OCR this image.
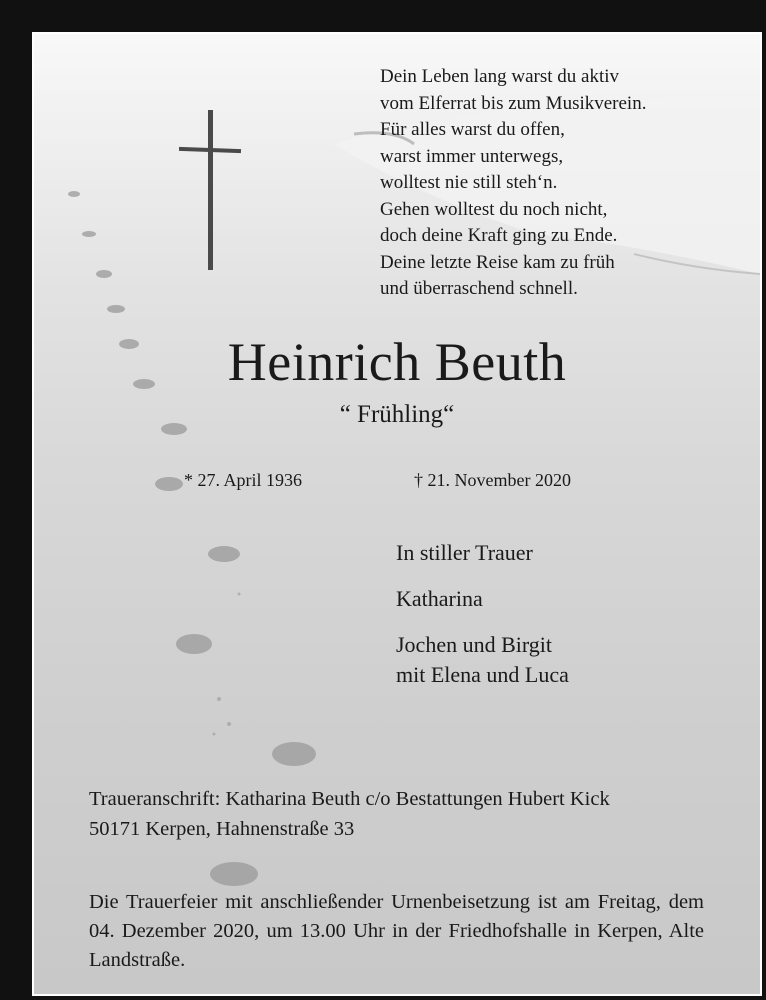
Dein Leben lang warst du aktiv
vom Elferrat bis zum Musikverein.
Für alles warst du offen,
warst immer unterwegs,
wolltest nie still steh‘n.
Gehen wolltest du noch nicht,
doch deine Kraft ging zu Ende.
Deine letzte Reise kam zu früh
und überraschend schnell.
Heinrich Beuth
“ Frühling“
* 27. April 1936	† 21. November 2020
In stiller Trauer
Katharina
Jochen und Birgit
mit Elena und Luca
Traueranschrift: Katharina Beuth c/o Bestattungen Hubert Kick
50171 Kerpen, Hahnenstraße 33
Die Trauerfeier mit anschließender Urnenbeisetzung ist am Freitag, dem 04. Dezember 2020, um 13.00 Uhr in der Friedhofshalle in Kerpen, Alte Landstraße.
